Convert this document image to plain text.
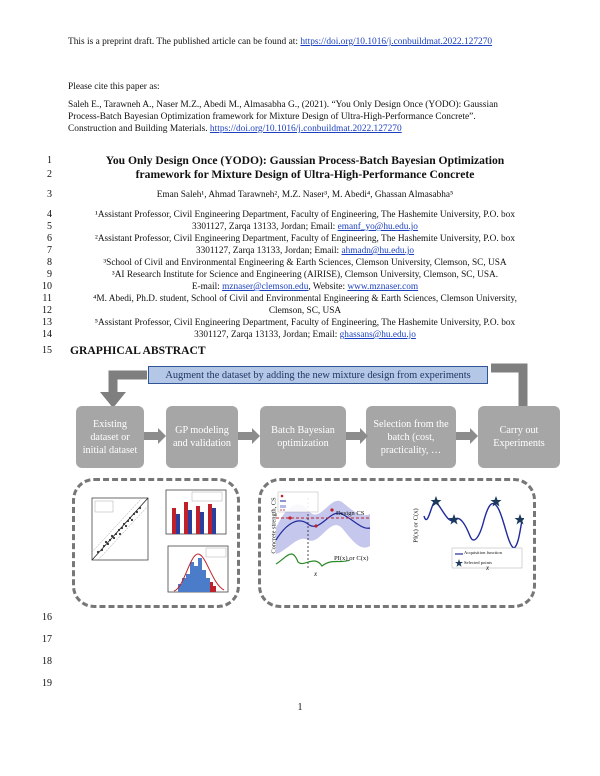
This is a preprint draft. The published article can be found at: https://doi.org/10.1016/j.conbuildmat.2022.127270
Please cite this paper as:
Saleh E., Tarawneh A., Naser M.Z., Abedi M., Almasabha G., (2021). “You Only Design Once (YODO): Gaussian
Process-Batch Bayesian Optimization framework for Mixture Design of Ultra-High-Performance Concrete”.
Construction and Building Materials. https://doi.org/10.1016/j.conbuildmat.2022.127270
1
2
3
4
5
6
7
8
9
10
11
12
13
14
15
16
17
18
19
You Only Design Once (YODO): Gaussian Process-Batch Bayesian Optimization
framework for Mixture Design of Ultra-High-Performance Concrete
Eman Saleh¹, Ahmad Tarawneh², M.Z. Naser³, M. Abedi⁴, Ghassan Almasabha⁵
¹Assistant Professor, Civil Engineering Department, Faculty of Engineering, The Hashemite University, P.O. box
3301127, Zarqa 13133, Jordan; Email: emanf_yo@hu.edu.jo
²Assistant Professor, Civil Engineering Department, Faculty of Engineering, The Hashemite University, P.O. box
3301127, Zarqa 13133, Jordan; Email: ahmadn@hu.edu.jo
³School of Civil and Environmental Engineering & Earth Sciences, Clemson University, Clemson, SC, USA
³AI Research Institute for Science and Engineering (AIRISE), Clemson University, Clemson, SC, USA.
E-mail: mznaser@clemson.edu, Website: www.mznaser.com
⁴M. Abedi, Ph.D. student, School of Civil and Environmental Engineering & Earth Sciences, Clemson University,
Clemson, SC, USA
⁵Assistant Professor, Civil Engineering Department, Faculty of Engineering, The Hashemite University, P.O. box
3301127, Zarqa 13133, Jordan; Email: ghassans@hu.edu.jo
GRAPHICAL ABSTRACT
Augment the dataset by adding the new mixture design from experiments
Existing dataset or initial dataset
GP modeling and validation
Batch Bayesian optimization
Selection from the batch (cost, practicality, …
Carry out Experiments
Concrete strength, CS	Design CS
PI(x) or C(x)
x
PI(x) or C(x)
x
Acquisition function
Selected points
1
